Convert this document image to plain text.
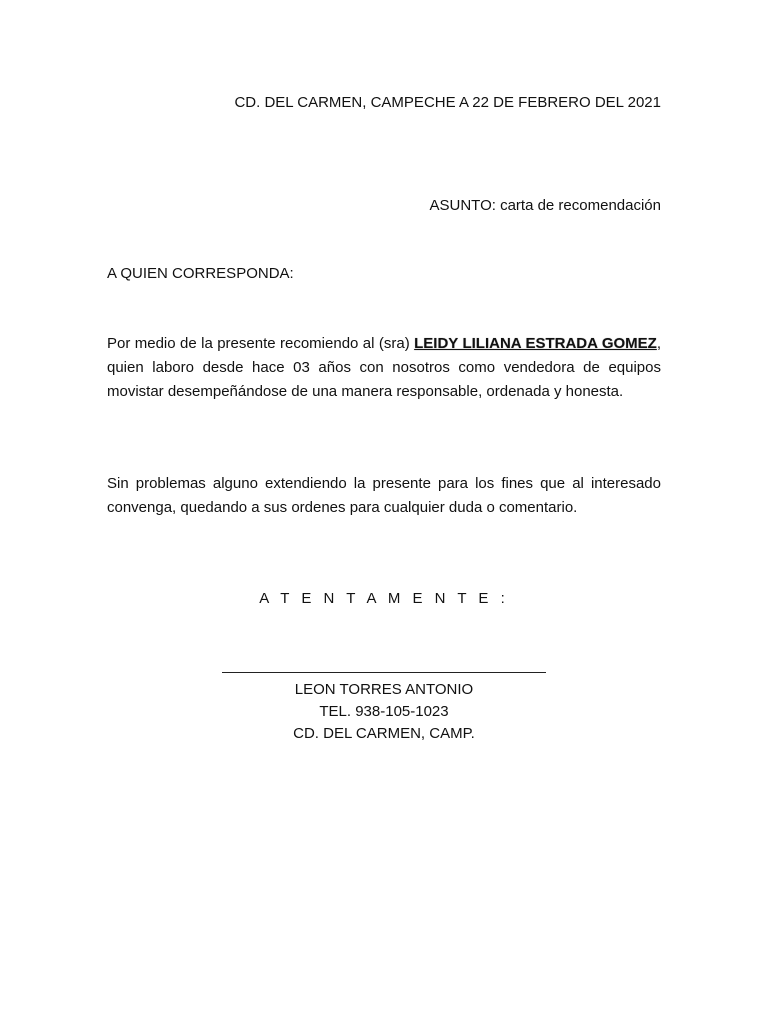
CD. DEL CARMEN, CAMPECHE A 22 DE FEBRERO DEL 2021
ASUNTO: carta de recomendación
A QUIEN CORRESPONDA:
Por medio de la presente recomiendo al (sra) LEIDY LILIANA ESTRADA GOMEZ, quien laboro desde hace 03 años con nosotros como vendedora de equipos movistar desempeñándose de una manera responsable, ordenada y honesta.
Sin problemas alguno extendiendo la presente para los fines que al interesado convenga, quedando a sus ordenes para cualquier duda o comentario.
A T E N T A M E N T E :
LEON TORRES ANTONIO
TEL. 938-105-1023
CD. DEL CARMEN, CAMP.
